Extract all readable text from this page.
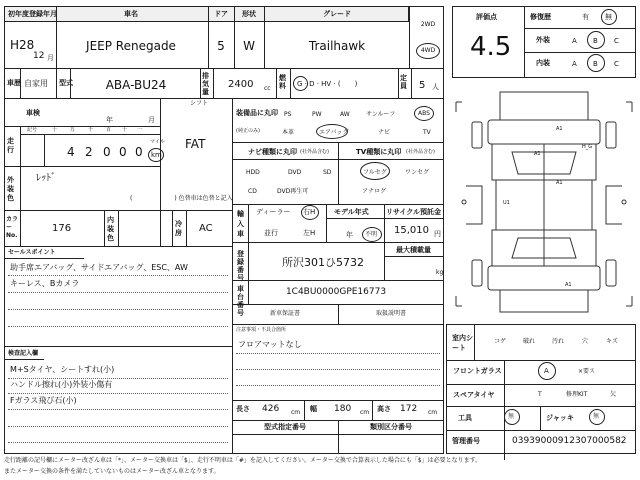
初年度登録年月	車名	ドア 形状	グレード
H28
12 月
JEEP Renegade	5 W	Trailhawk
2WD
4WD
車歴 自家用 型式	ABA-BU24
排気量
2400 cc
燃料	G · D · HV · (　　)
定員	5 人
車検
年	月
シフト
FAT
走行
記号	十	万	千	百 十 一
4 2 0 0 0
マイル
km
外装色
ﾚｯﾄﾞ
(　　　　　　　) 色替車は色替と記入
カラーNo.
176
内装色
冷房 AC
セールスポイント
助手席エアバッグ、サイドエアバッグ、ESC、AW
キーレス、Bカメラ
検査記入欄
M+Sタイヤ、シートすれ(小)
ハンドル擦れ(小)外装小傷有
Fガラス飛び石(小)
装備品に丸印
(純正のみ)
PS	PW	AW	サンルーフ	ABS
本革	エアバッグ	ナビ	TV
ナビ種類に丸印 (社外品含む)	TV種類に丸印 (社外品含む)
HDD	DVD	SD
CD	DVD再生可
フルセグ	ワンセグ
アナログ
輸入車
ディーラー 右H
並行	左H
モデル年式
年 不明
リサイクル預託金
15,010 円
登録番号
所沢301ひ5732
最大積載量
kg
車台番号
1C4BU0000GPE16773
新車保証書	取扱説明書
注意事項・不具合箇所
フロアマットなし
長さ 426 cm 幅 180 cm 高さ 172 cm
型式指定番号	類別区分番号
評価点
4.5
修復歴	有 無
外装	A B C
内装	A B C
A1
A1
A1
U1
H_G
A1
室内シート
コゲ	破れ	汚れ	穴	キズ
フロントガラス	A	×要ス
スペアタイヤ	T	修理KIT	欠
工具	無	ジャッキ	無
管理番号	03939000912307000582
走行距離の記号欄にメーター改ざん車は「*」、メーター交換車は「$」、走行不明車は「#」を記入してください。メーター交換で合算表示した場合にも「$」は必要となります。
またメーター交換の条件を満たしていないものはメーター改ざん車となります。
